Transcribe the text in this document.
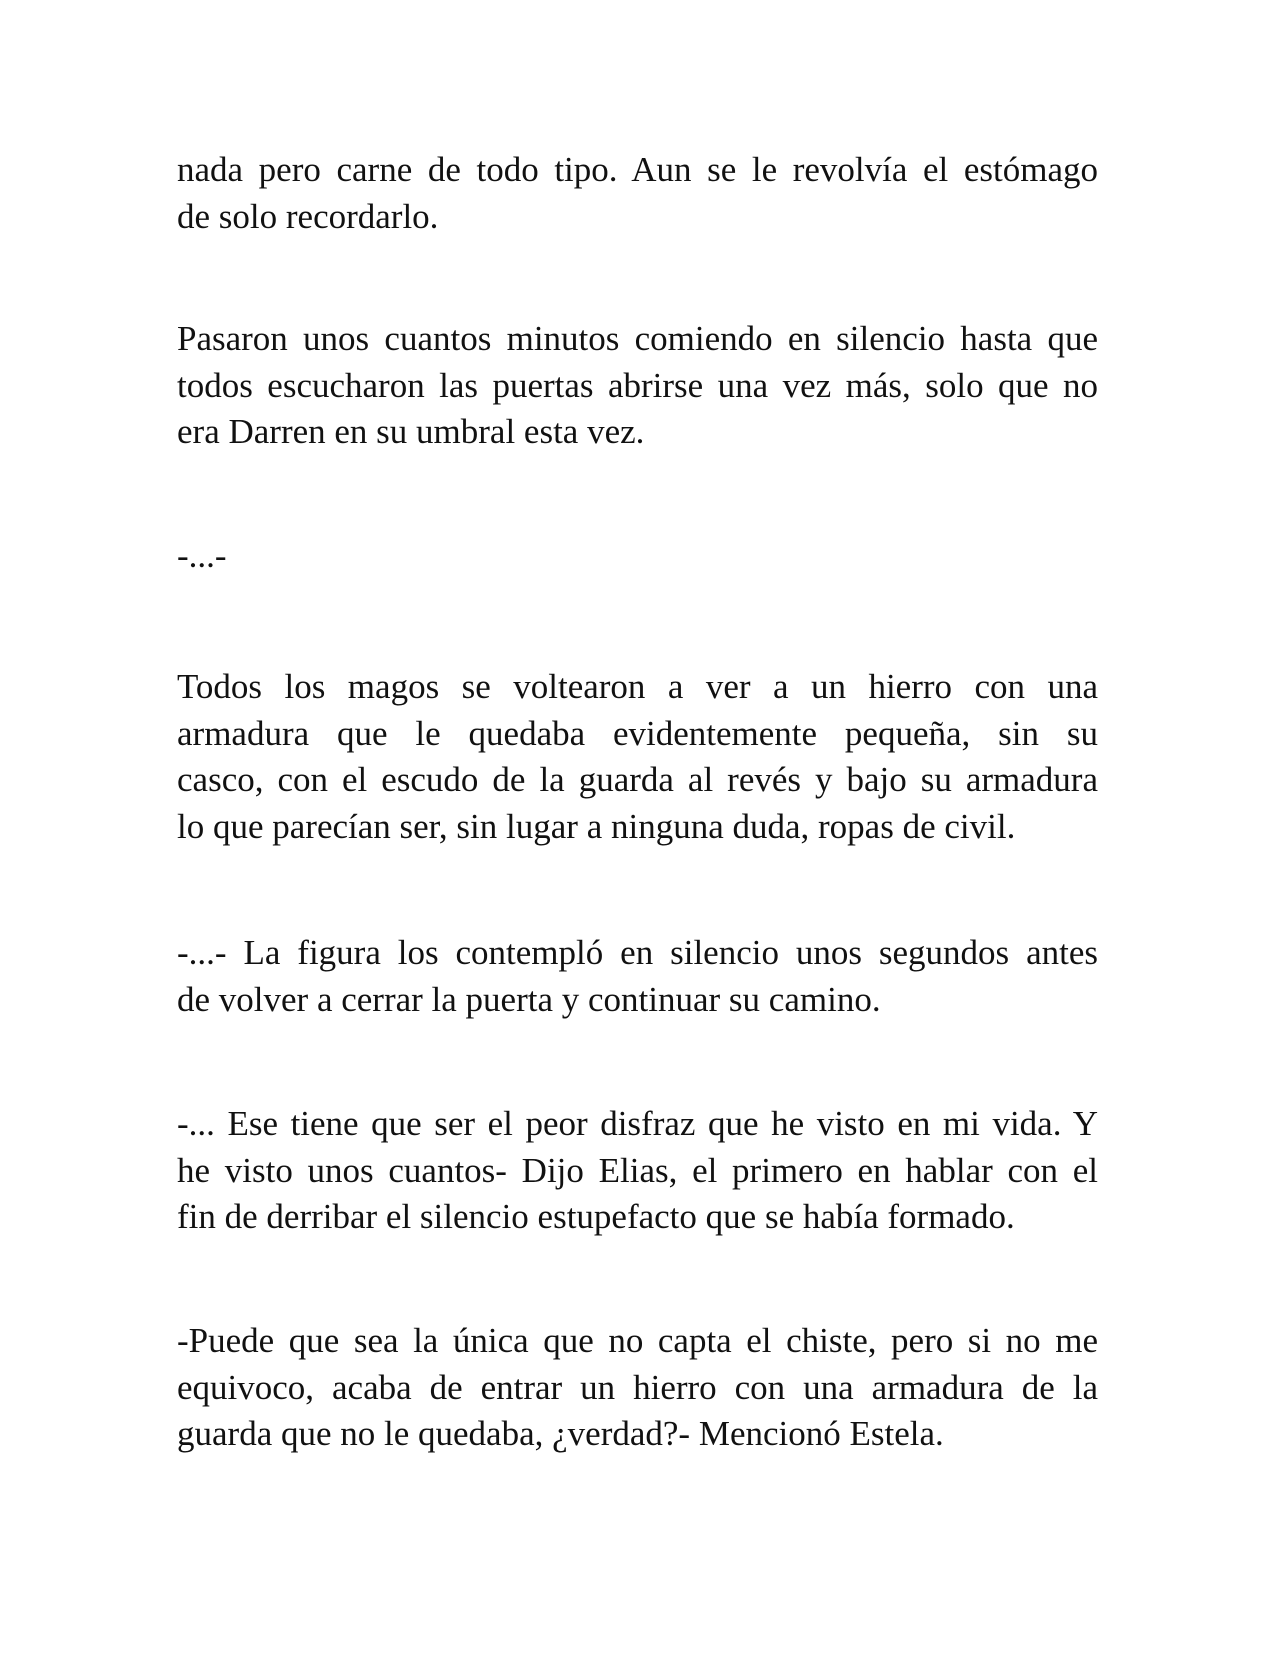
nada pero carne de todo tipo. Aun se le revolvía el estómago
de solo recordarlo.

Pasaron unos cuantos minutos comiendo en silencio hasta que
todos escucharon las puertas abrirse una vez más, solo que no
era Darren en su umbral esta vez.

-...-

Todos los magos se voltearon a ver a un hierro con una
armadura que le quedaba evidentemente pequeña, sin su
casco, con el escudo de la guarda al revés y bajo su armadura
lo que parecían ser, sin lugar a ninguna duda, ropas de civil.

-...- La figura los contempló en silencio unos segundos antes
de volver a cerrar la puerta y continuar su camino.

-... Ese tiene que ser el peor disfraz que he visto en mi vida. Y
he visto unos cuantos- Dijo Elias, el primero en hablar con el
fin de derribar el silencio estupefacto que se había formado.

-Puede que sea la única que no capta el chiste, pero si no me
equivoco, acaba de entrar un hierro con una armadura de la
guarda que no le quedaba, ¿verdad?- Mencionó Estela.
